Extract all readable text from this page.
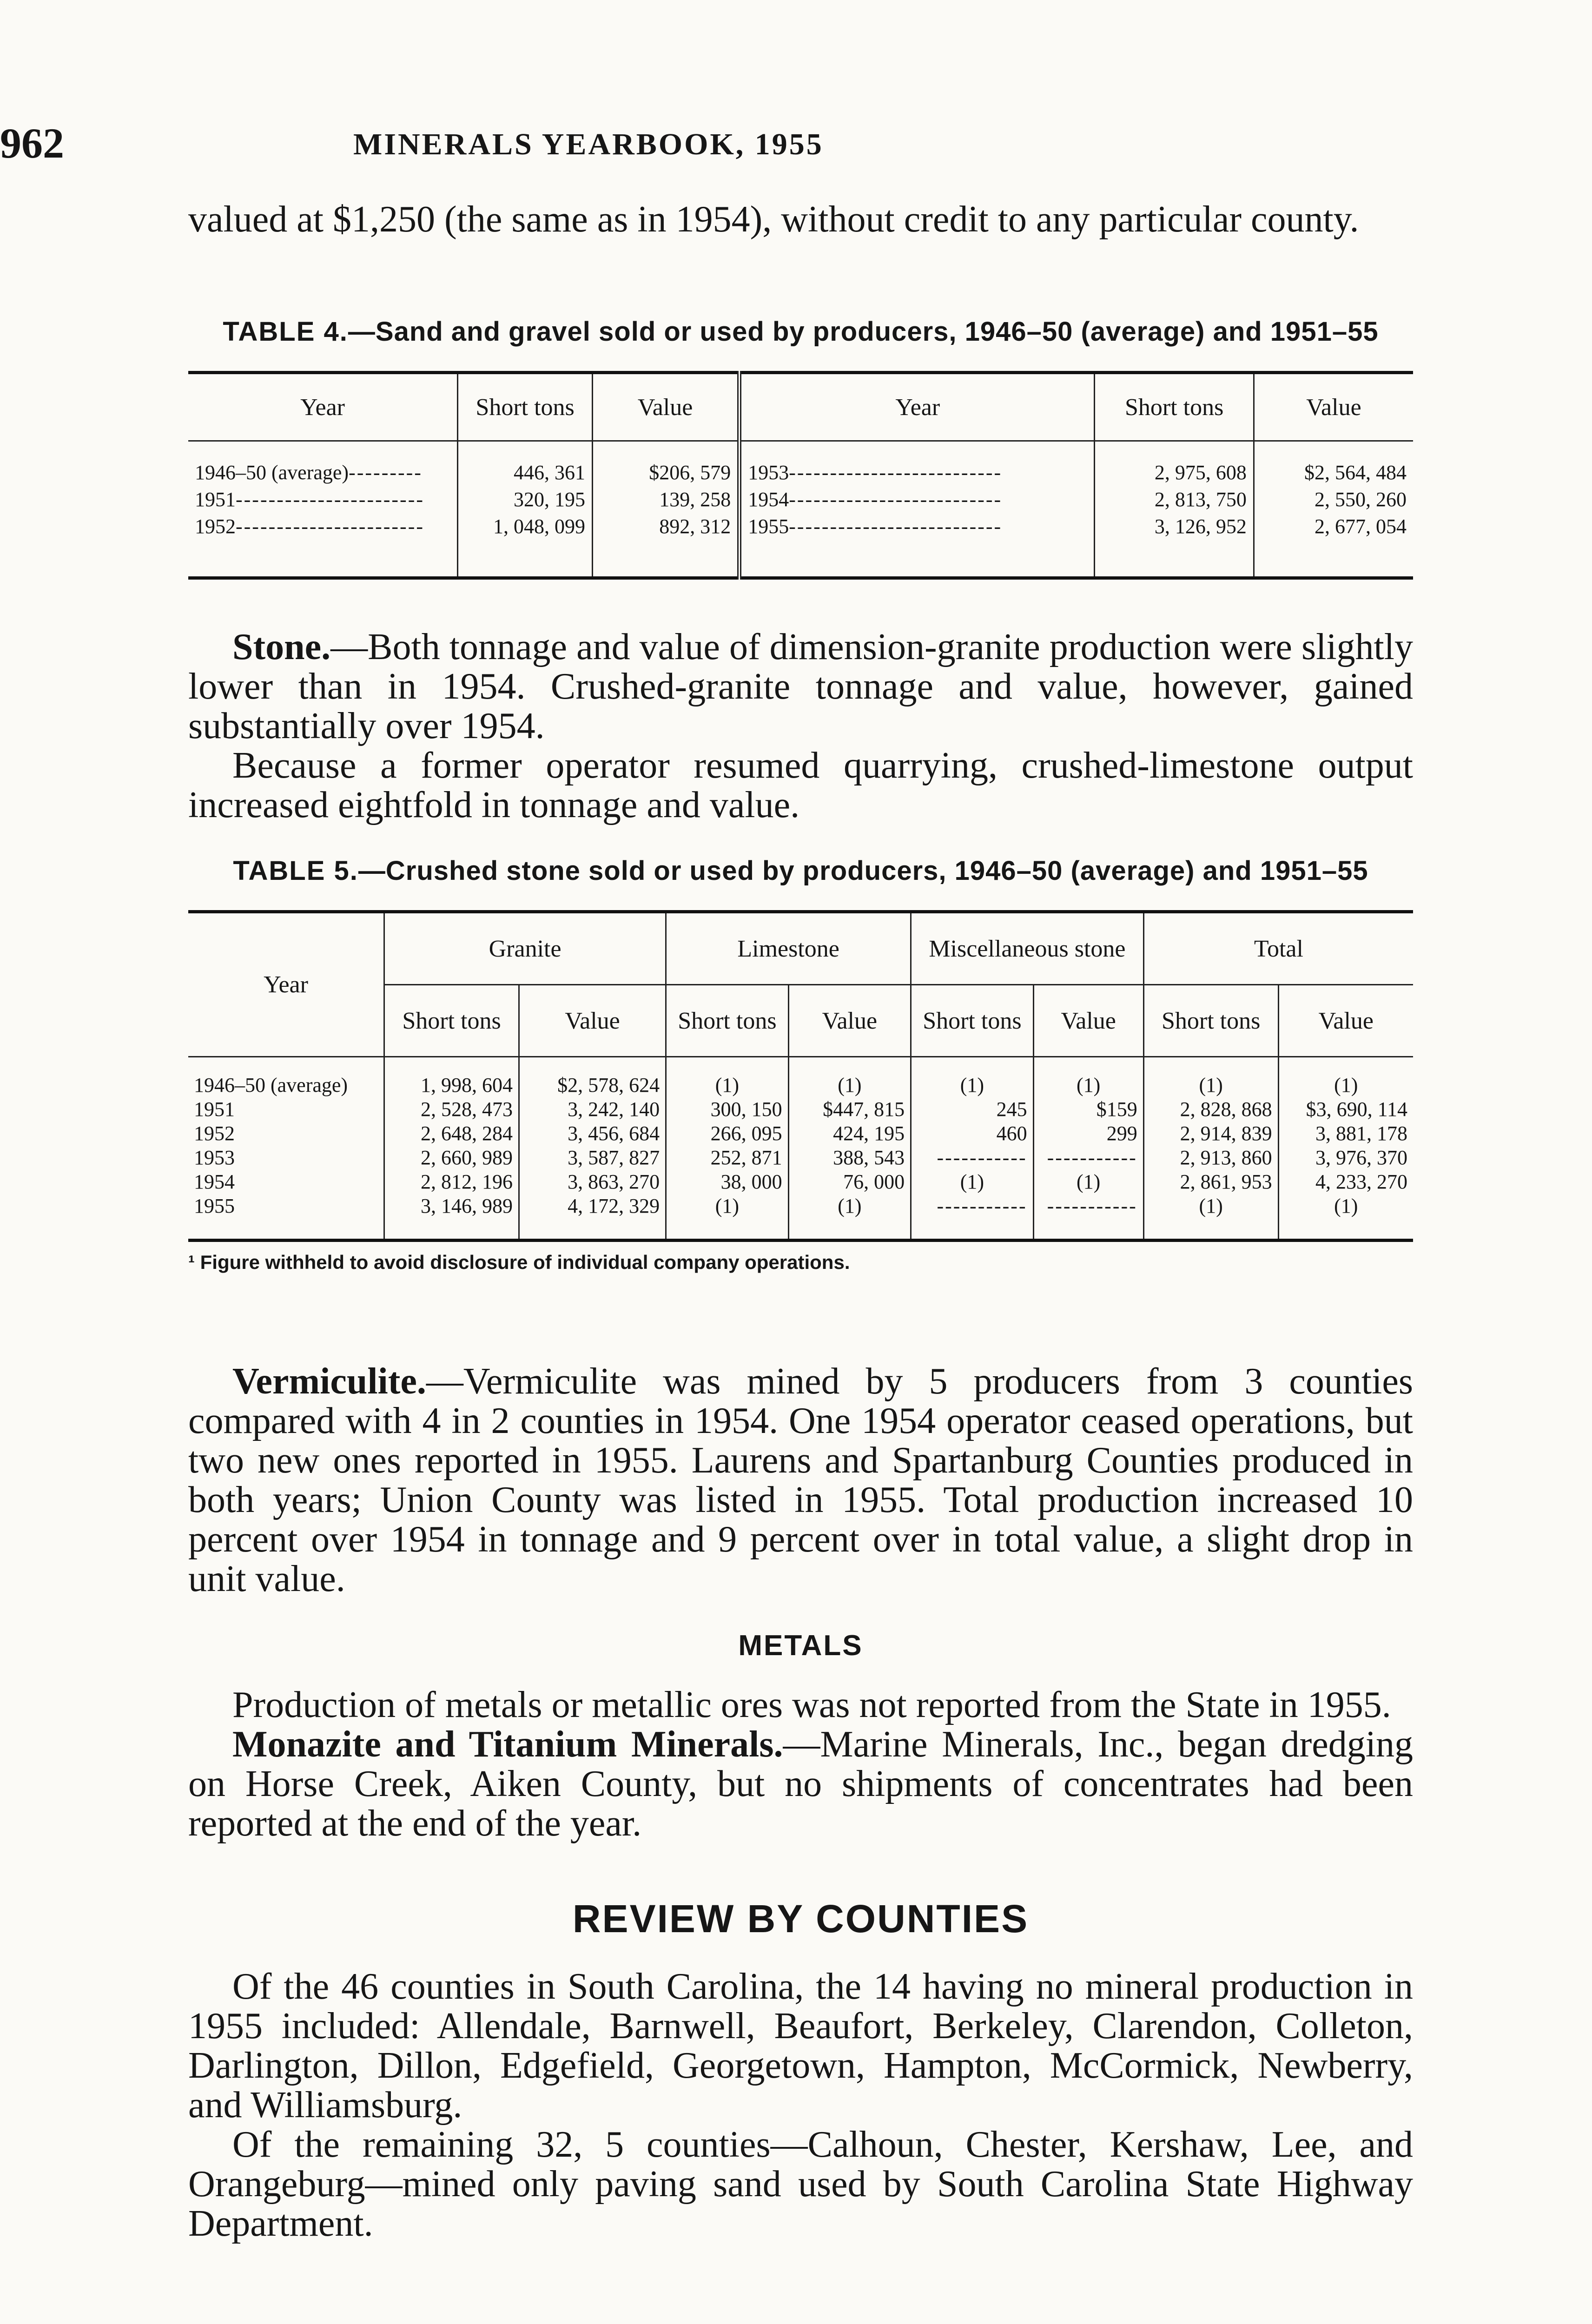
962	MINERALS YEARBOOK, 1955

valued at $1,250 (the same as in 1954), without credit to any particular county.

TABLE 4.—Sand and gravel sold or used by producers, 1946–50 (average) and 1951–55
Year	Short tons	Value	Year	Short tons	Value

1946–50 (average)---------	446, 361	$206, 579	1953--------------------------	2, 975, 608	$2, 564, 484
1951-----------------------	320, 195	139, 258	1954--------------------------	2, 813, 750	2, 550, 260
1952-----------------------	1, 048, 099	892, 312	1955--------------------------	3, 126, 952	2, 677, 054

Stone.—Both tonnage and value of dimension-granite production were slightly lower than in 1954. Crushed-granite tonnage and value, however, gained substantially over 1954.

Because a former operator resumed quarrying, crushed-limestone output increased eightfold in tonnage and value.

TABLE 5.—Crushed stone sold or used by producers, 1946–50 (average) and 1951–55
Year	Granite		Limestone		Miscellaneous stone		Total	
	Short tons	Value	Short tons	Value	Short tons	Value	Short tons	Value

1946–50 (average)	1, 998, 604	$2, 578, 624	(1)	(1)	(1)	(1)	(1)	(1)
1951	2, 528, 473	3, 242, 140	300, 150	$447, 815	245	$159	2, 828, 868	$3, 690, 114
1952	2, 648, 284	3, 456, 684	266, 095	424, 195	460	299	2, 914, 839	3, 881, 178
1953	2, 660, 989	3, 587, 827	252, 871	388, 543	-----------	-----------	2, 913, 860	3, 976, 370
1954	2, 812, 196	3, 863, 270	38, 000	76, 000	(1)	(1)	2, 861, 953	4, 233, 270
1955	3, 146, 989	4, 172, 329	(1)	(1)	-----------	-----------	(1)	(1)

¹ Figure withheld to avoid disclosure of individual company operations.

Vermiculite.—Vermiculite was mined by 5 producers from 3 counties compared with 4 in 2 counties in 1954. One 1954 operator ceased operations, but two new ones reported in 1955. Laurens and Spartanburg Counties produced in both years; Union County was listed in 1955. Total production increased 10 percent over 1954 in tonnage and 9 percent over in total value, a slight drop in unit value.

METALS

Production of metals or metallic ores was not reported from the State in 1955.

Monazite and Titanium Minerals.—Marine Minerals, Inc., began dredging on Horse Creek, Aiken County, but no shipments of concentrates had been reported at the end of the year.

REVIEW BY COUNTIES

Of the 46 counties in South Carolina, the 14 having no mineral production in 1955 included: Allendale, Barnwell, Beaufort, Berkeley, Clarendon, Colleton, Darlington, Dillon, Edgefield, Georgetown, Hampton, McCormick, Newberry, and Williamsburg.

Of the remaining 32, 5 counties—Calhoun, Chester, Kershaw, Lee, and Orangeburg—mined only paving sand used by South Carolina State Highway Department.
